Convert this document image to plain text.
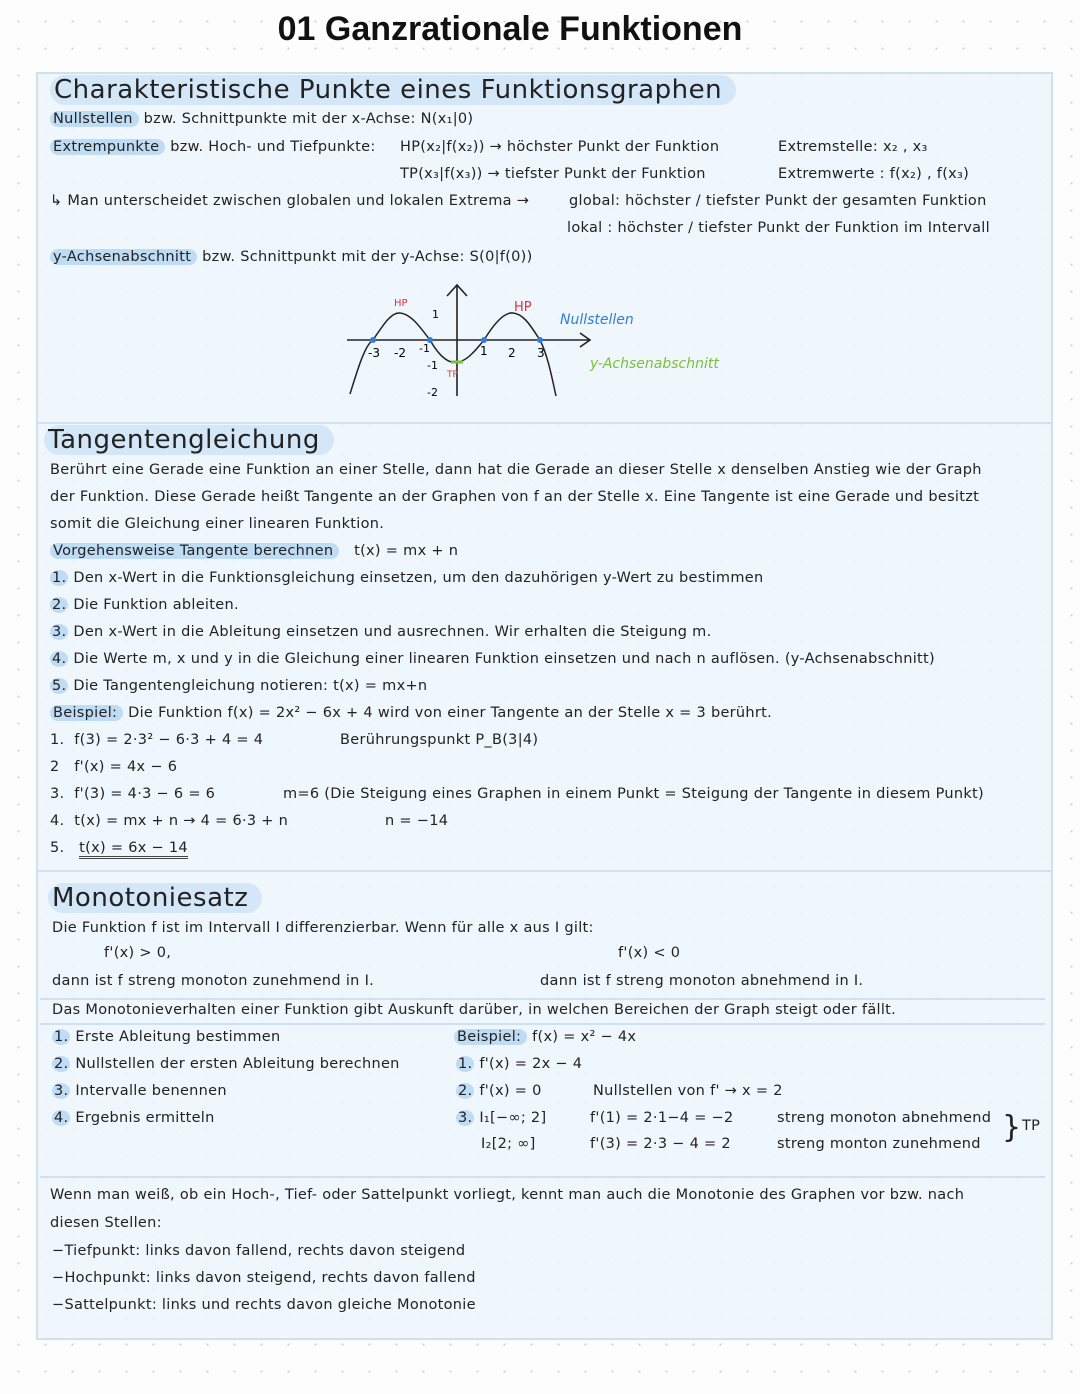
01 Ganzrationale Funktionen
Charakteristische Punkte eines Funktionsgraphen
Nullstellen bzw. Schnittpunkte mit der x-Achse: N(x₁|0)
Extrempunkte bzw. Hoch- und Tiefpunkte: HP(x₂|f(x₂)) → höchster Punkt der Funktion	Extremstelle: x₂ , x₃
TP(x₃|f(x₃)) → tiefster Punkt der Funktion	Extremwerte : f(x₂) , f(x₃)
↳ Man unterscheidet zwischen globalen und lokalen Extrema →	global: höchster / tiefster Punkt der gesamten Funktion
lokal : höchster / tiefster Punkt der Funktion im Intervall
y-Achsenabschnitt bzw. Schnittpunkt mit der y-Achse: S(0|f(0))
HP	HP
TP
-3 -2 -1	1 2 3
1
-1
-2
Nullstellen
y-Achsenabschnitt
Tangentengleichung
Berührt eine Gerade eine Funktion an einer Stelle, dann hat die Gerade an dieser Stelle x denselben Anstieg wie der Graph
der Funktion. Diese Gerade heißt Tangente an der Graphen von f an der Stelle x. Eine Tangente ist eine Gerade und besitzt
somit die Gleichung einer linearen Funktion.
Vorgehensweise Tangente berechnen t(x) = mx + n
1. Den x-Wert in die Funktionsgleichung einsetzen, um den dazuhörigen y-Wert zu bestimmen
2. Die Funktion ableiten.
3. Den x-Wert in die Ableitung einsetzen und ausrechnen. Wir erhalten die Steigung m.
4. Die Werte m, x und y in die Gleichung einer linearen Funktion einsetzen und nach n auflösen. (y-Achsenabschnitt)
5. Die Tangentengleichung notieren: t(x) = mx+n
Beispiel: Die Funktion f(x) = 2x² − 6x + 4 wird von einer Tangente an der Stelle x = 3 berührt.
1. f(3) = 2·3² − 6·3 + 4 = 4	Berührungspunkt P_B(3|4)
2 f'(x) = 4x − 6
3. f'(3) = 4·3 − 6 = 6	m=6 (Die Steigung eines Graphen in einem Punkt = Steigung der Tangente in diesem Punkt)
4. t(x) = mx + n → 4 = 6·3 + n	n = −14
5. t(x) = 6x − 14
Monotoniesatz
Die Funktion f ist im Intervall I differenzierbar. Wenn für alle x aus I gilt:
f'(x) > 0,	f'(x) < 0
dann ist f streng monoton zunehmend in I.	dann ist f streng monoton abnehmend in I.
Das Monotonieverhalten einer Funktion gibt Auskunft darüber, in welchen Bereichen der Graph steigt oder fällt.
1. Erste Ableitung bestimmen
2. Nullstellen der ersten Ableitung berechnen
3. Intervalle benennen
4. Ergebnis ermitteln
Beispiel: f(x) = x² − 4x
1. f'(x) = 2x − 4
2. f'(x) = 0	Nullstellen von f' → x = 2
3. I₁[−∞; 2]	f'(1) = 2·1−4 = −2	streng monoton abnehmend
I₂[2; ∞]	f'(3) = 2·3 − 4 = 2	streng monton zunehmend } TP
Wenn man weiß, ob ein Hoch-, Tief- oder Sattelpunkt vorliegt, kennt man auch die Monotonie des Graphen vor bzw. nach
diesen Stellen:
−Tiefpunkt: links davon fallend, rechts davon steigend
−Hochpunkt: links davon steigend, rechts davon fallend
−Sattelpunkt: links und rechts davon gleiche Monotonie
